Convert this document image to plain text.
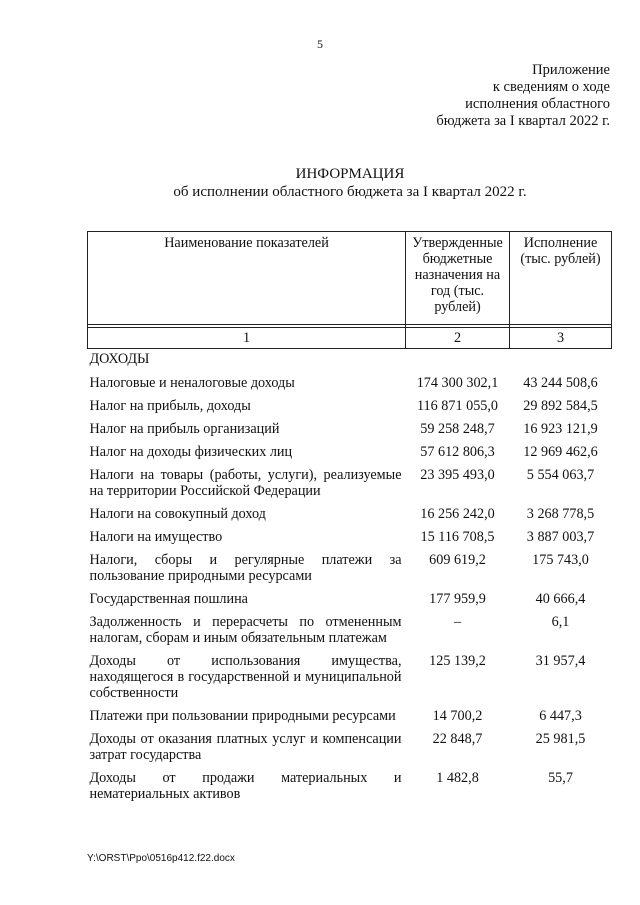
5
Приложение
к сведениям о ходе
исполнения областного
бюджета за I квартал 2022 г.
ИНФОРМАЦИЯ
об исполнении областного бюджета за I квартал 2022 г.
Наименование показателей	Утвержденные бюджетные назначения на год (тыс. рублей)	Исполнение (тыс. рублей)

1	2	3
ДОХОДЫ		
Налоговые и неналоговые доходы	174 300 302,1	43 244 508,6
Налог на прибыль, доходы	116 871 055,0	29 892 584,5
Налог на прибыль организаций	59 258 248,7	16 923 121,9
Налог на доходы физических лиц	57 612 806,3	12 969 462,6
Налоги на товары (работы, услуги), реализуемые на территории Российской Федерации	23 395 493,0	5 554 063,7
Налоги на совокупный доход	16 256 242,0	3 268 778,5
Налоги на имущество	15 116 708,5	3 887 003,7
Налоги, сборы и регулярные платежи за пользование природными ресурсами	609 619,2	175 743,0
Государственная пошлина	177 959,9	40 666,4
Задолженность и перерасчеты по отмененным налогам, сборам и иным обязательным платежам	–	6,1
Доходы от использования имущества, находящегося в государственной и муниципальной собственности	125 139,2	31 957,4
Платежи при пользовании природными ресурсами	14 700,2	6 447,3
Доходы от оказания платных услуг и компенсации затрат государства	22 848,7	25 981,5
Доходы от продажи материальных и нематериальных активов	1 482,8	55,7
Y:\ORST\Ppo\0516p412.f22.docx
